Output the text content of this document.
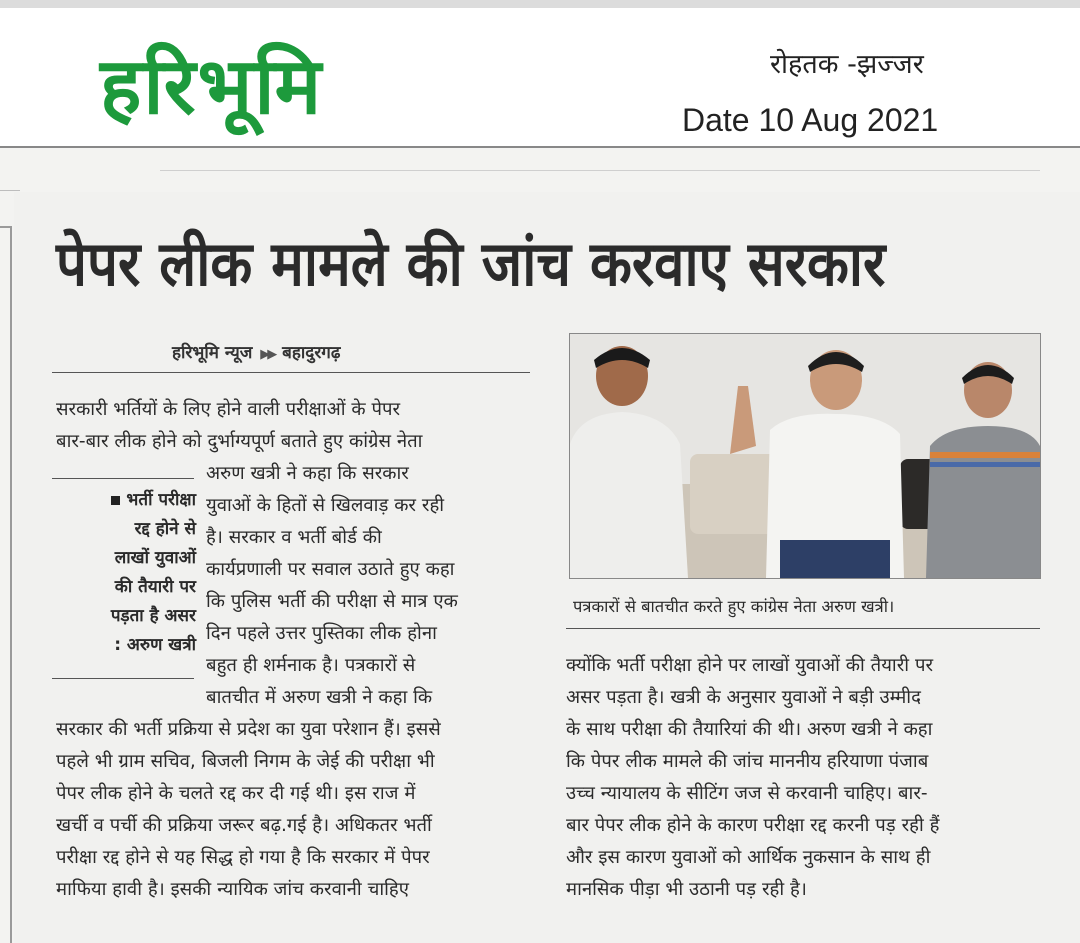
हरिभूमि	रोहतक -झज्जर
Date 10 Aug 2021
पेपर लीक मामले की जांच करवाए सरकार
हरिभूमि न्यूज ▶▶ बहादुरगढ़
सरकारी भर्तियों के लिए होने वाली परीक्षाओं के पेपर
बार-बार लीक होने को दुर्भाग्यपूर्ण बताते हुए कांग्रेस नेता
भर्ती परीक्षा
रद्द होने से
लाखों युवाओं
की तैयारी पर
पड़ता है असर
: अरुण खत्री
अरुण खत्री ने कहा कि सरकार
युवाओं के हितों से खिलवाड़ कर रही
है। सरकार व भर्ती बोर्ड की
कार्यप्रणाली पर सवाल उठाते हुए कहा
कि पुलिस भर्ती की परीक्षा से मात्र एक
दिन पहले उत्तर पुस्तिका लीक होना
बहुत ही शर्मनाक है। पत्रकारों से
बातचीत में अरुण खत्री ने कहा कि
सरकार की भर्ती प्रक्रिया से प्रदेश का युवा परेशान हैं। इससे
पहले भी ग्राम सचिव, बिजली निगम के जेई की परीक्षा भी
पेपर लीक होने के चलते रद्द कर दी गई थी। इस राज में
खर्ची व पर्ची की प्रक्रिया जरूर बढ़.गई है। अधिकतर भर्ती
परीक्षा रद्द होने से यह सिद्ध हो गया है कि सरकार में पेपर
माफिया हावी है। इसकी न्यायिक जांच करवानी चाहिए
पत्रकारों से बातचीत करते हुए कांग्रेस नेता अरुण खत्री।
क्योंकि भर्ती परीक्षा होने पर लाखों युवाओं की तैयारी पर
असर पड़ता है। खत्री के अनुसार युवाओं ने बड़ी उम्मीद
के साथ परीक्षा की तैयारियां की थी। अरुण खत्री ने कहा
कि पेपर लीक मामले की जांच माननीय हरियाणा पंजाब
उच्च न्यायालय के सीटिंग जज से करवानी चाहिए। बार-
बार पेपर लीक होने के कारण परीक्षा रद्द करनी पड़ रही हैं
और इस कारण युवाओं को आर्थिक नुकसान के साथ ही
मानसिक पीड़ा भी उठानी पड़ रही है।
